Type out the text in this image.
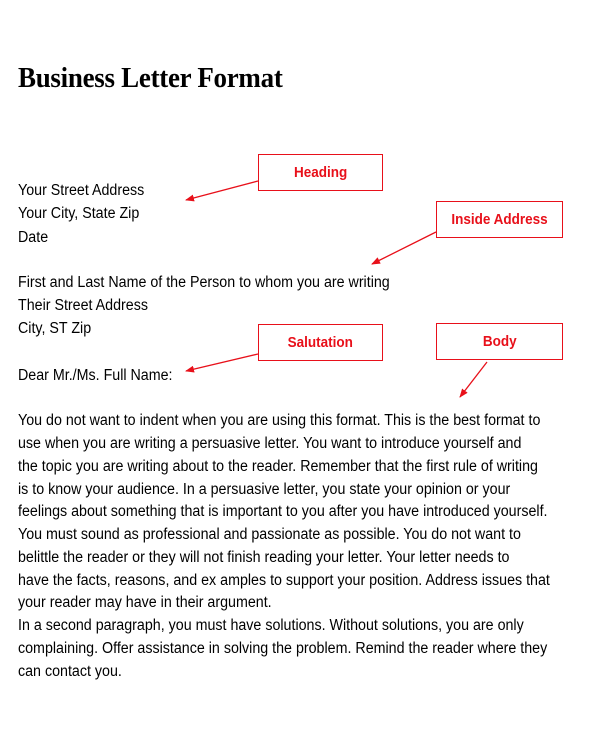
Business Letter Format
Your Street Address
Your City, State Zip
Date
First and Last Name of the Person to whom you are writing
Their Street Address
City, ST Zip
Dear Mr./Ms. Full Name:
You do not want to indent when you are using this format. This is the best format to
use when you are writing a persuasive letter. You want to introduce yourself and
the topic you are writing about to the reader. Remember that the first rule of writing
is to know your audience. In a persuasive letter, you state your opinion or your
feelings about something that is important to you after you have introduced yourself.
You must sound as professional and passionate as possible. You do not want to
belittle the reader or they will not finish reading your letter. Your letter needs to
have the facts, reasons, and ex amples to support your position. Address issues that
your reader may have in their argument.
In a second paragraph, you must have solutions. Without solutions, you are only
complaining. Offer assistance in solving the problem. Remind the reader where they
can contact you.
Heading
Inside Address
Salutation	Body
